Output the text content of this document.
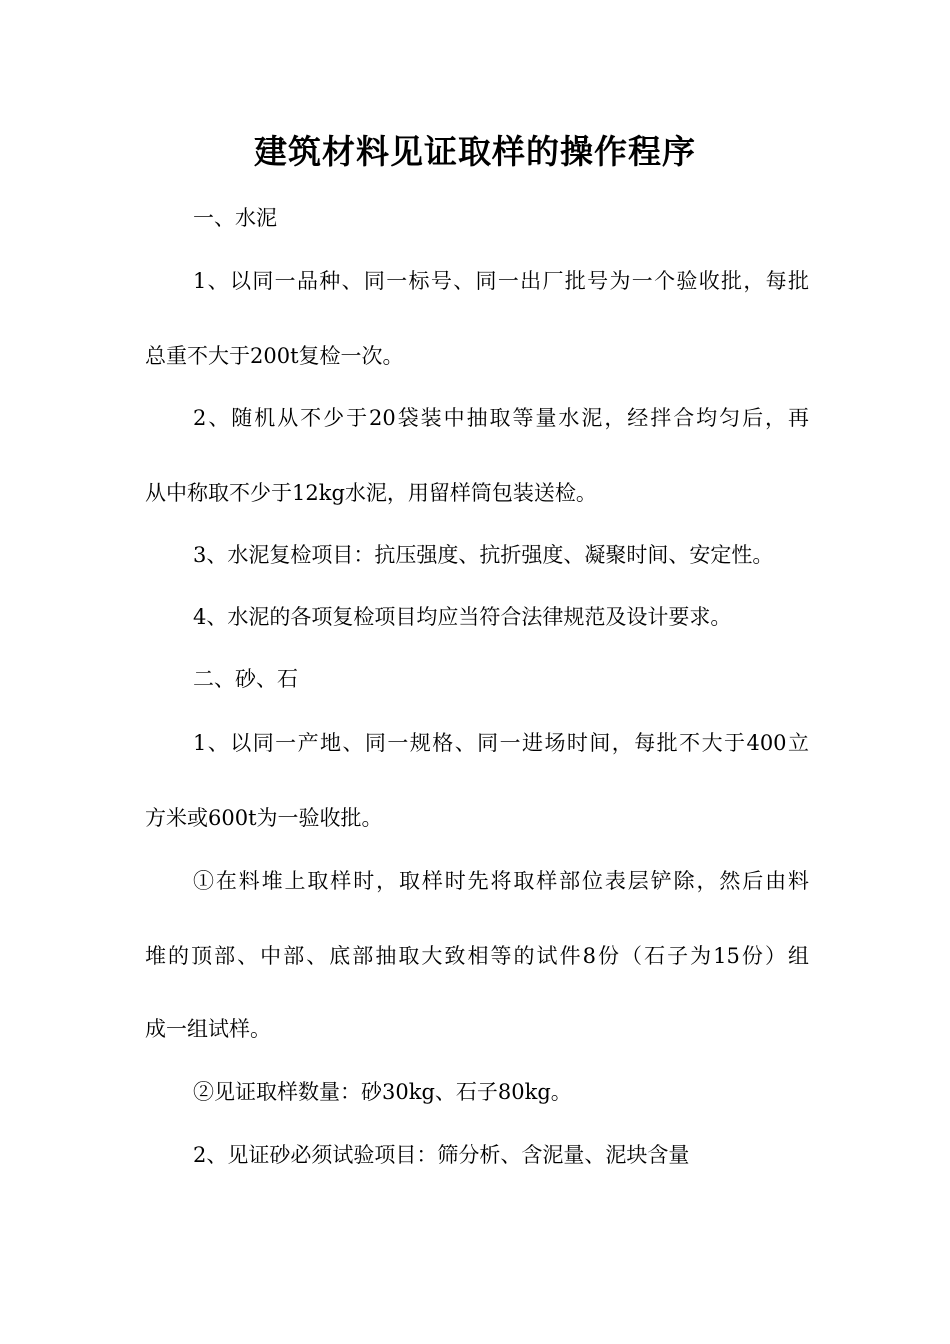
建筑材料见证取样的操作程序
一、水泥
1、以同一品种、同一标号、同一出厂批号为一个验收批，每批
总重不大于200t复检一次。
2、随机从不少于20袋装中抽取等量水泥，经拌合均匀后，再
从中称取不少于12kg水泥，用留样筒包装送检。
3、水泥复检项目：抗压强度、抗折强度、凝聚时间、安定性。
4、水泥的各项复检项目均应当符合法律规范及设计要求。
二、砂、石
1、以同一产地、同一规格、同一进场时间，每批不大于400立
方米或600t为一验收批。
①在料堆上取样时，取样时先将取样部位表层铲除，然后由料
堆的顶部、中部、底部抽取大致相等的试件8份（石子为15份）组
成一组试样。
②见证取样数量：砂30kg、石子80kg。
2、见证砂必须试验项目：筛分析、含泥量、泥块含量
